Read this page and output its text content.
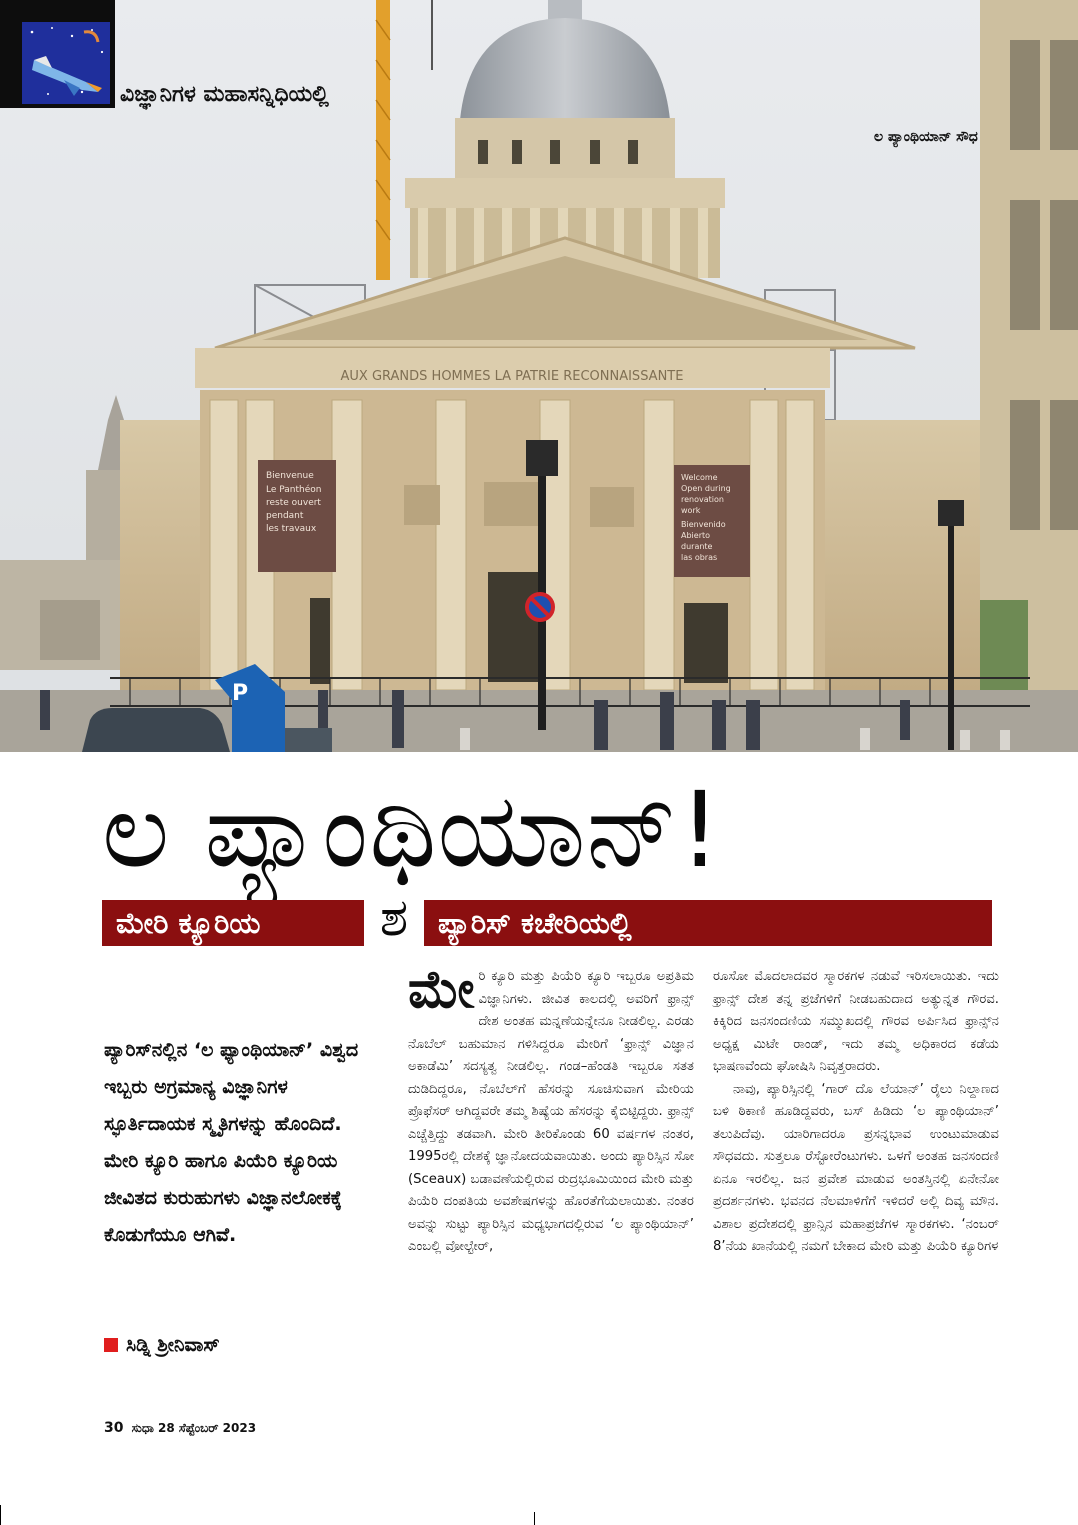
AUX GRANDS HOMMES LA PATRIE RECONNAISSANTE
Bienvenue
Le Panthéon
reste ouvert
pendant
les travaux
Welcome
Open during
renovation
work
Bienvenido
Abierto
durante
las obras
P
ವಿಜ್ಞಾನಿಗಳ ಮಹಾಸನ್ನಿಧಿಯಲ್ಲಿ
ಲ ಪ್ಯಾಂಥಿಯಾನ್ ಸೌಧ
ಲ ಪ್ಯಾಂಥಿಯಾನ್!
ಮೇರಿ ಕ್ಯೂರಿಯ	ಶ	ಪ್ಯಾರಿಸ್ ಕಚೇರಿಯಲ್ಲಿ

ಪ್ಯಾರಿಸ್‌ನಲ್ಲಿನ ‘ಲ ಫ್ಯಾಂಥಿಯಾನ್’ ವಿಶ್ವದ ಇಬ್ಬರು ಅಗ್ರಮಾನ್ಯ ವಿಜ್ಞಾನಿಗಳ ಸ್ಫೂರ್ತಿದಾಯಕ ಸ್ಮೃತಿಗಳನ್ನು ಹೊಂದಿದೆ. ಮೇರಿ ಕ್ಯೂರಿ ಹಾಗೂ ಪಿಯೆರಿ ಕ್ಯೂರಿಯ ಜೀವಿತದ ಕುರುಹುಗಳು ವಿಜ್ಞಾನಲೋಕಕ್ಕೆ ಕೊಡುಗೆಯೂ ಆಗಿವೆ.

ಸಿಡ್ನಿ ಶ್ರೀನಿವಾಸ್

ಮೇರಿ ಕ್ಯೂರಿ ಮತ್ತು ಪಿಯೆರಿ ಕ್ಯೂರಿ ಇಬ್ಬರೂ ಅಪ್ರತಿಮ ವಿಜ್ಞಾನಿಗಳು. ಜೀವಿತ ಕಾಲದಲ್ಲಿ ಅವರಿಗೆ ಫ್ರಾನ್ಸ್ ದೇಶ ಅಂತಹ ಮನ್ನಣೆಯನ್ನೇನೂ ನೀಡಲಿಲ್ಲ. ಎರಡು ನೊಬೆಲ್ ಬಹುಮಾನ ಗಳಿಸಿದ್ದರೂ ಮೇರಿಗೆ ‘ಫ್ರಾನ್ಸ್ ವಿಜ್ಞಾನ ಅಕಾಡೆಮಿ’ ಸದಸ್ಯತ್ವ ನೀಡಲಿಲ್ಲ. ಗಂಡ–ಹೆಂಡತಿ ಇಬ್ಬರೂ ಸತತ ದುಡಿದಿದ್ದರೂ, ನೊಬೆಲ್‌ಗೆ ಹೆಸರನ್ನು ಸೂಚಿಸುವಾಗ ಮೇರಿಯ ಪ್ರೊಫೆಸರ್ ಆಗಿದ್ದವರೇ ತಮ್ಮ ಶಿಷ್ಯೆಯ ಹೆಸರನ್ನು ಕೈಬಿಟ್ಟಿದ್ದರು. ಫ್ರಾನ್ಸ್ ಎಚ್ಚೆತ್ತಿದ್ದು ತಡವಾಗಿ. ಮೇರಿ ತೀರಿಕೊಂಡು 60 ವರ್ಷಗಳ ನಂತರ, 1995ರಲ್ಲಿ ದೇಶಕ್ಕೆ ಜ್ಞಾನೋದಯವಾಯಿತು. ಅಂದು ಪ್ಯಾರಿಸ್ಸಿನ ಸೋ (Sceaux) ಬಡಾವಣೆಯಲ್ಲಿರುವ ರುದ್ರಭೂಮಿಯಿಂದ ಮೇರಿ ಮತ್ತು ಪಿಯೆರಿ ದಂಪತಿಯ ಅವಶೇಷಗಳನ್ನು ಹೊರತೆಗೆಯಲಾಯಿತು. ನಂತರ ಅವನ್ನು ಸುಟ್ಟು ಪ್ಯಾರಿಸ್ಸಿನ ಮಧ್ಯಭಾಗದಲ್ಲಿರುವ ‘ಲ ಪ್ಯಾಂಥಿಯಾನ್’ ಎಂಬಲ್ಲಿ ವೋಲ್ಟೇರ್,

ರೂಸೋ ಮೊದಲಾದವರ ಸ್ಮಾರಕಗಳ ನಡುವೆ ಇರಿಸಲಾಯಿತು. ಇದು ಫ್ರಾನ್ಸ್ ದೇಶ ತನ್ನ ಪ್ರಜೆಗಳಿಗೆ ನೀಡಬಹುದಾದ ಅತ್ಯುನ್ನತ ಗೌರವ. ಕಿಕ್ಕಿರಿದ ಜನಸಂದಣಿಯ ಸಮ್ಮುಖದಲ್ಲಿ ಗೌರವ ಅರ್ಪಿಸಿದ ಫ್ರಾನ್ಸ್‌ನ ಅಧ್ಯಕ್ಷ ಮಿಟೇ ರಾಂಡ್, ಇದು ತಮ್ಮ ಅಧಿಕಾರದ ಕಡೆಯ ಭಾಷಣವೆಂದು ಘೋಷಿಸಿ ನಿವೃತ್ತರಾದರು.

ನಾವು, ಪ್ಯಾರಿಸ್ಸಿನಲ್ಲಿ ‘ಗಾರ್ ದೊ ಲೆಯಾನ್’ ರೈಲು ನಿಲ್ದಾಣದ ಬಳಿ ಠಿಕಾಣಿ ಹೂಡಿದ್ದವರು, ಬಸ್ ಹಿಡಿದು ‘ಲ ಪ್ಯಾಂಥಿಯಾನ್’ ತಲುಪಿದೆವು. ಯಾರಿಗಾದರೂ ಪ್ರಸನ್ನಭಾವ ಉಂಟುಮಾಡುವ ಸೌಧವದು. ಸುತ್ತಲೂ ರೆಸ್ಟೋರೆಂಟುಗಳು. ಒಳಗೆ ಅಂತಹ ಜನಸಂದಣಿ ಏನೂ ಇರಲಿಲ್ಲ. ಜನ ಪ್ರವೇಶ ಮಾಡುವ ಅಂತಸ್ತಿನಲ್ಲಿ ಏನೇನೋ ಪ್ರದರ್ಶನಗಳು. ಭವನದ ನೆಲಮಾಳಿಗೆಗೆ ಇಳಿದರೆ ಅಲ್ಲಿ ದಿವ್ಯ ಮೌನ. ವಿಶಾಲ ಪ್ರದೇಶದಲ್ಲಿ ಫ್ರಾನ್ಸಿನ ಮಹಾಪ್ರಜೆಗಳ ಸ್ಮಾರಕಗಳು. ‘ನಂಬರ್ 8’ನೆಯ ಖಾನೆಯಲ್ಲಿ ನಮಗೆ ಬೇಕಾದ ಮೇರಿ ಮತ್ತು ಪಿಯೆರಿ ಕ್ಯೂರಿಗಳ

30 ಸುಧಾ 28 ಸೆಪ್ಟೆಂಬರ್ 2023
